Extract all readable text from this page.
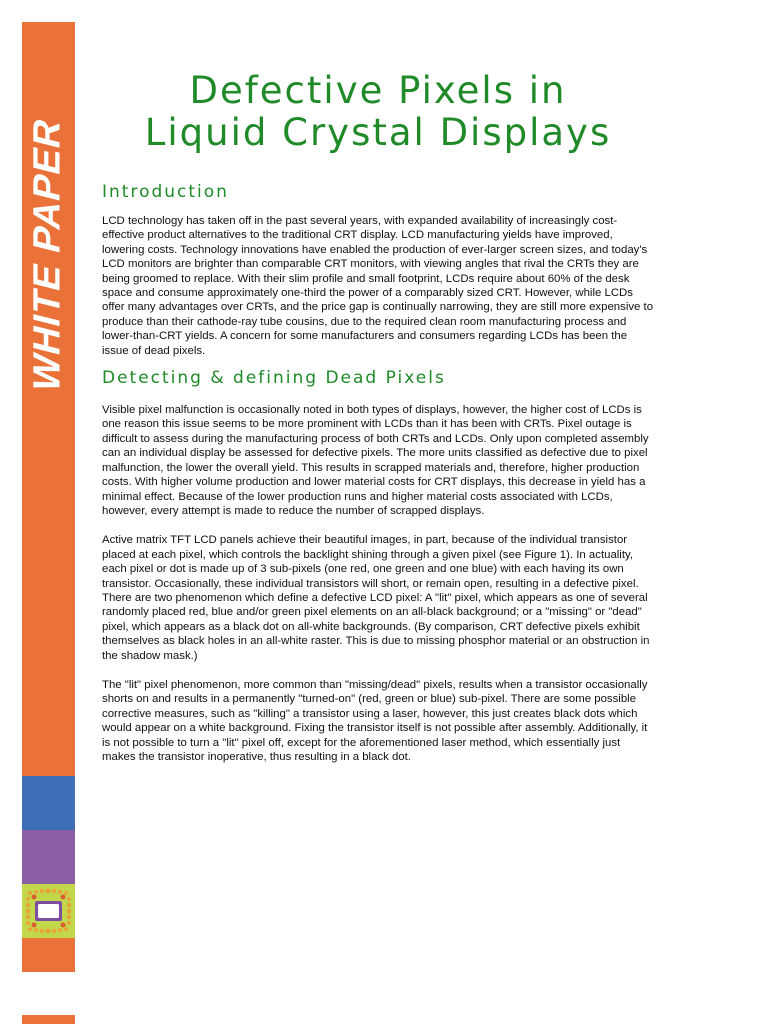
WHITE PAPER
Defective Pixels in
Liquid Crystal Displays
Introduction

LCD technology has taken off in the past several years, with expanded availability of increasingly cost-effective product alternatives to the traditional CRT display. LCD manufacturing yields have improved, lowering costs. Technology innovations have enabled the production of ever-larger screen sizes, and today's LCD monitors are brighter than comparable CRT monitors, with viewing angles that rival the CRTs they are being groomed to replace. With their slim profile and small footprint, LCDs require about 60% of the desk space and consume approximately one-third the power of a comparably sized CRT. However, while LCDs offer many advantages over CRTs, and the price gap is continually narrowing, they are still more expensive to produce than their cathode-ray tube cousins, due to the required clean room manufacturing process and lower-than-CRT yields. A concern for some manufacturers and consumers regarding LCDs has been the issue of dead pixels.

Detecting & defining Dead Pixels

Visible pixel malfunction is occasionally noted in both types of displays, however, the higher cost of LCDs is one reason this issue seems to be more prominent with LCDs than it has been with CRTs. Pixel outage is difficult to assess during the manufacturing process of both CRTs and LCDs. Only upon completed assembly can an individual display be assessed for defective pixels. The more units classified as defective due to pixel malfunction, the lower the overall yield. This results in scrapped materials and, therefore, higher production costs. With higher volume production and lower material costs for CRT displays, this decrease in yield has a minimal effect. Because of the lower production runs and higher material costs associated with LCDs, however, every attempt is made to reduce the number of scrapped displays.

Active matrix TFT LCD panels achieve their beautiful images, in part, because of the individual transistor placed at each pixel, which controls the backlight shining through a given pixel (see Figure 1). In actuality, each pixel or dot is made up of 3 sub-pixels (one red, one green and one blue) with each having its own transistor. Occasionally, these individual transistors will short, or remain open, resulting in a defective pixel. There are two phenomenon which define a defective LCD pixel: A "lit" pixel, which appears as one of several randomly placed red, blue and/or green pixel elements on an all-black background; or a "missing" or "dead" pixel, which appears as a black dot on all-white backgrounds. (By comparison, CRT defective pixels exhibit themselves as black holes in an all-white raster. This is due to missing phosphor material or an obstruction in the shadow mask.)

The "lit" pixel phenomenon, more common than "missing/dead" pixels, results when a transistor occasionally shorts on and results in a permanently "turned-on" (red, green or blue) sub-pixel. There are some possible corrective measures, such as "killing" a transistor using a laser, however, this just creates black dots which would appear on a white background. Fixing the transistor itself is not possible after assembly. Additionally, it is not possible to turn a "lit" pixel off, except for the aforementioned laser method, which essentially just makes the transistor inoperative, thus resulting in a black dot.
